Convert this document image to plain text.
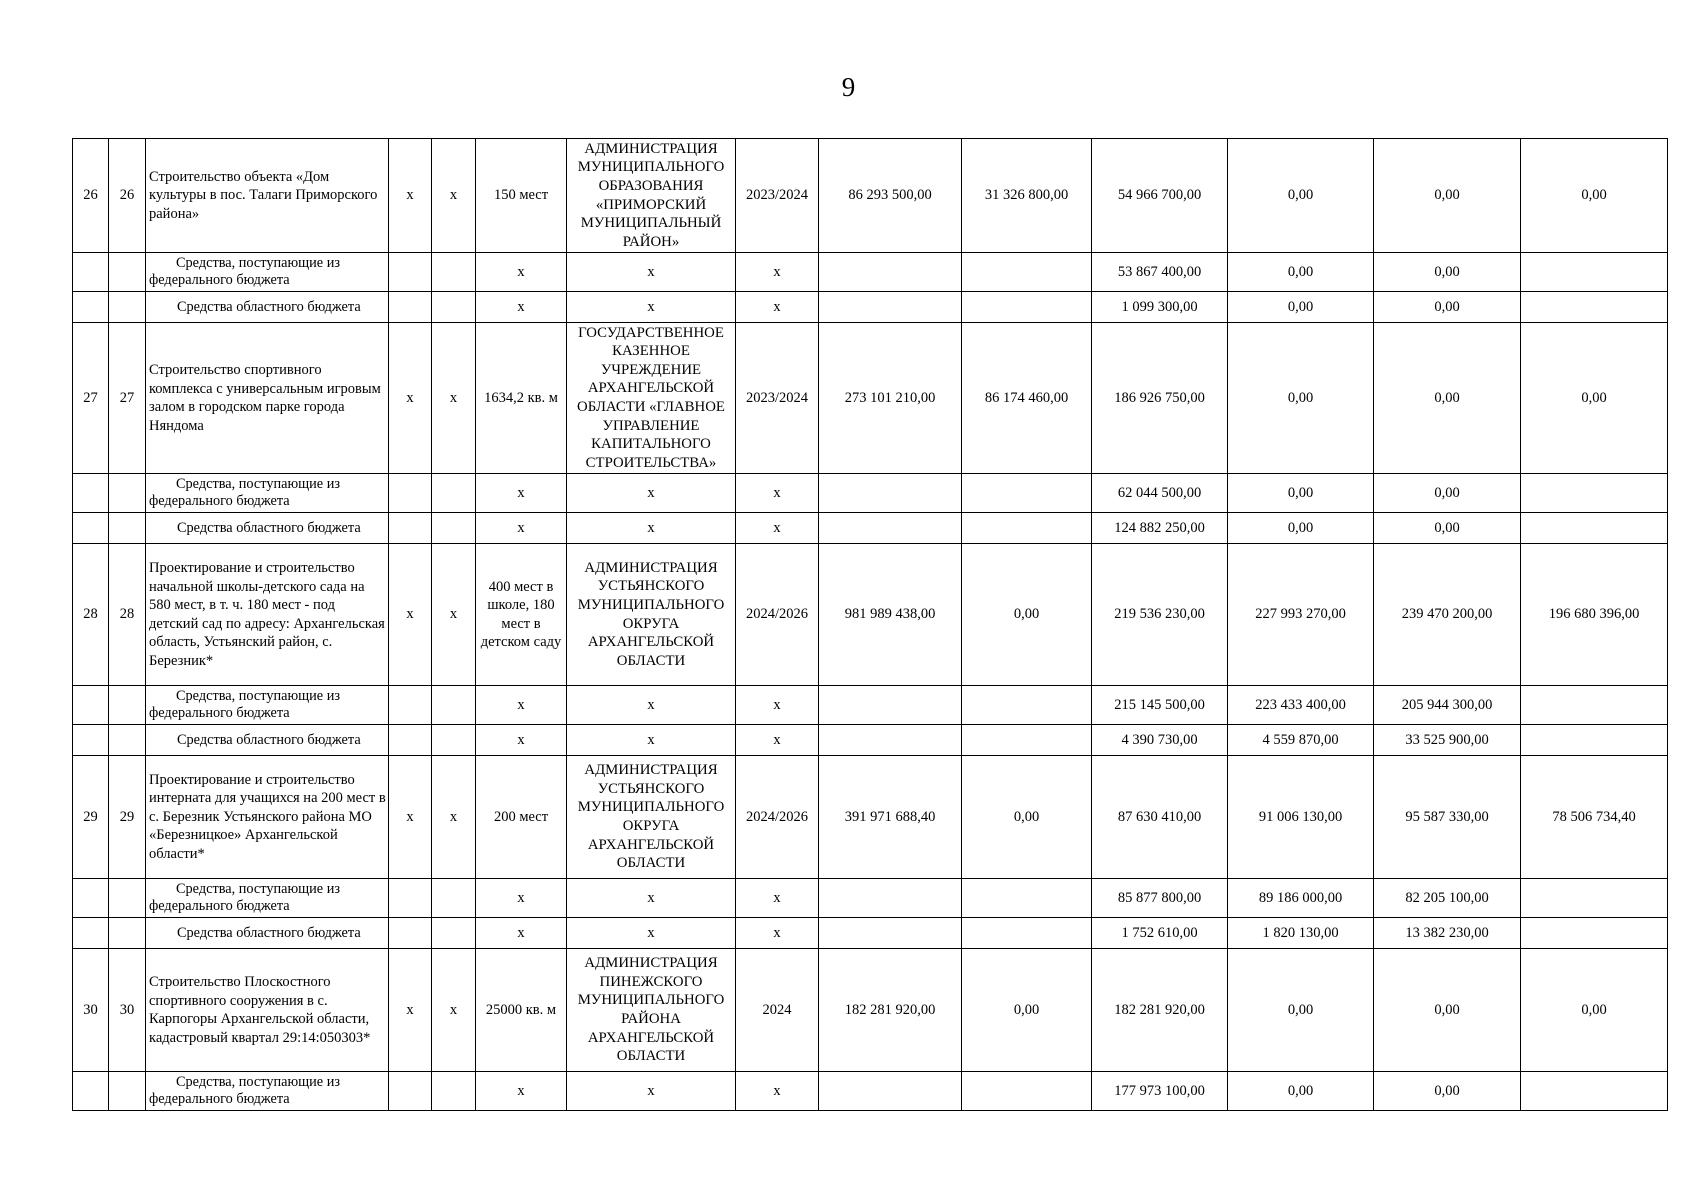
9
26	26	Строительство объекта «Дом культуры в пос. Талаги Приморского района»	x	x	150 мест	АДМИНИСТРАЦИЯ МУНИЦИПАЛЬНОГО ОБРАЗОВАНИЯ «ПРИМОРСКИЙ МУНИЦИПАЛЬНЫЙ РАЙОН»	2023/2024	86 293 500,00	31 326 800,00	54 966 700,00	0,00	0,00	0,00

		Средства, поступающие из
федерального бюджета			x	x	x			53 867 400,00	0,00	0,00	
		Средства областного бюджета			x	x	x			1 099 300,00	0,00	0,00	
27	27	Строительство спортивного комплекса с универсальным игровым залом в городском парке города Няндома	x	x	1634,2 кв. м	ГОСУДАРСТВЕННОЕ КАЗЕННОЕ УЧРЕЖДЕНИЕ АРХАНГЕЛЬСКОЙ ОБЛАСТИ «ГЛАВНОЕ УПРАВЛЕНИЕ КАПИТАЛЬНОГО СТРОИТЕЛЬСТВА»	2023/2024	273 101 210,00	86 174 460,00	186 926 750,00	0,00	0,00	0,00

		Средства, поступающие из
федерального бюджета			x	x	x			62 044 500,00	0,00	0,00	
		Средства областного бюджета			x	x	x			124 882 250,00	0,00	0,00	
28	28	Проектирование и строительство начальной школы-детского сада на 580 мест, в т. ч. 180 мест - под детский сад по адресу: Архангельская область, Устьянский район, с. Березник*	x	x	400 мест в школе, 180 мест в детском саду	АДМИНИСТРАЦИЯ УСТЬЯНСКОГО МУНИЦИПАЛЬНОГО ОКРУГА АРХАНГЕЛЬСКОЙ ОБЛАСТИ	2024/2026	981 989 438,00	0,00	219 536 230,00	227 993 270,00	239 470 200,00	196 680 396,00

		Средства, поступающие из
федерального бюджета			x	x	x			215 145 500,00	223 433 400,00	205 944 300,00	
		Средства областного бюджета			x	x	x			4 390 730,00	4 559 870,00	33 525 900,00	
29	29	Проектирование и строительство интерната для учащихся на 200 мест в с. Березник Устьянского района МО «Березницкое» Архангельской области*	x	x	200 мест	АДМИНИСТРАЦИЯ УСТЬЯНСКОГО МУНИЦИПАЛЬНОГО ОКРУГА АРХАНГЕЛЬСКОЙ ОБЛАСТИ	2024/2026	391 971 688,40	0,00	87 630 410,00	91 006 130,00	95 587 330,00	78 506 734,40

		Средства, поступающие из
федерального бюджета			x	x	x			85 877 800,00	89 186 000,00	82 205 100,00	
		Средства областного бюджета			x	x	x			1 752 610,00	1 820 130,00	13 382 230,00	
30	30	Строительство Плоскостного спортивного сооружения в с. Карпогоры Архангельской области, кадастровый квартал 29:14:050303*	x	x	25000 кв. м	АДМИНИСТРАЦИЯ ПИНЕЖСКОГО МУНИЦИПАЛЬНОГО РАЙОНА АРХАНГЕЛЬСКОЙ ОБЛАСТИ	2024	182 281 920,00	0,00	182 281 920,00	0,00	0,00	0,00

		Средства, поступающие из
федерального бюджета			x	x	x			177 973 100,00	0,00	0,00	
